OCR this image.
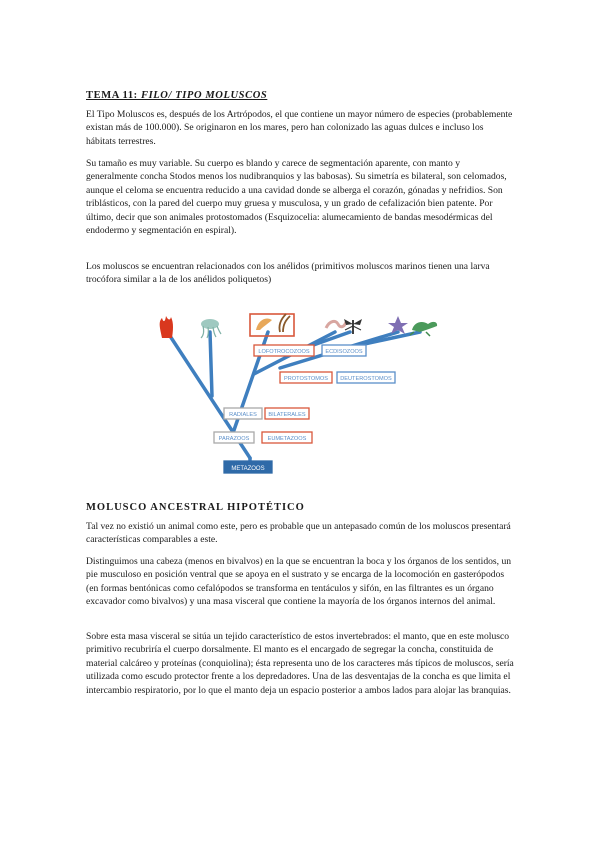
TEMA 11: FILO/ TIPO MOLUSCOS

El Tipo Moluscos es, después de los Artrópodos, el que contiene un mayor número de especies (probablemente existan más de 100.000). Se originaron en los mares, pero han colonizado las aguas dulces e incluso los hábitats terrestres.

Su tamaño es muy variable. Su cuerpo es blando y carece de segmentación aparente, con manto y generalmente concha Stodos menos los nudibranquios y las babosas). Su simetría es bilateral, son celomados, aunque el celoma se encuentra reducido a una cavidad donde se alberga el corazón, gónadas y nefridios. Son triblásticos, con la pared del cuerpo muy gruesa y musculosa, y un grado de cefalización bien patente. Por último, decir que son animales protostomados (Esquizocelia: alumecamiento de bandas mesodérmicas del endodermo y segmentación en espiral).

Los moluscos se encuentran relacionados con los anélidos (primitivos moluscos marinos tienen una larva trocófora similar a la de los anélidos poliquetos)

LOFOTROCOZOOS	ECDISOZOOS
PROTOSTOMOS DEUTEROSTOMOS
RADIALES BILATERALES
PARAZOOS	EUMETAZOOS
METAZOOS
MOLUSCO ANCESTRAL HIPOTÉTICO

Tal vez no existió un animal como este, pero es probable que un antepasado común de los moluscos presentará características comparables a este.

Distinguimos una cabeza (menos en bivalvos) en la que se encuentran la boca y los órganos de los sentidos, un pie musculoso en posición ventral que se apoya en el sustrato y se encarga de la locomoción en gasterópodos (en formas bentónicas como cefalópodos se transforma en tentáculos y sifón, en las filtrantes es un órgano excavador como bivalvos) y una masa visceral que contiene la mayoría de los órganos internos del animal.

Sobre esta masa visceral se sitúa un tejido característico de estos invertebrados: el manto, que en este molusco primitivo recubriría el cuerpo dorsalmente. El manto es el encargado de segregar la concha, constituida de material calcáreo y proteínas (conquiolina); ésta representa uno de los caracteres más típicos de moluscos, sería utilizada como escudo protector frente a los depredadores. Una de las desventajas de la concha es que limita el intercambio respiratorio, por lo que el manto deja un espacio posterior a ambos lados para alojar las branquias.
